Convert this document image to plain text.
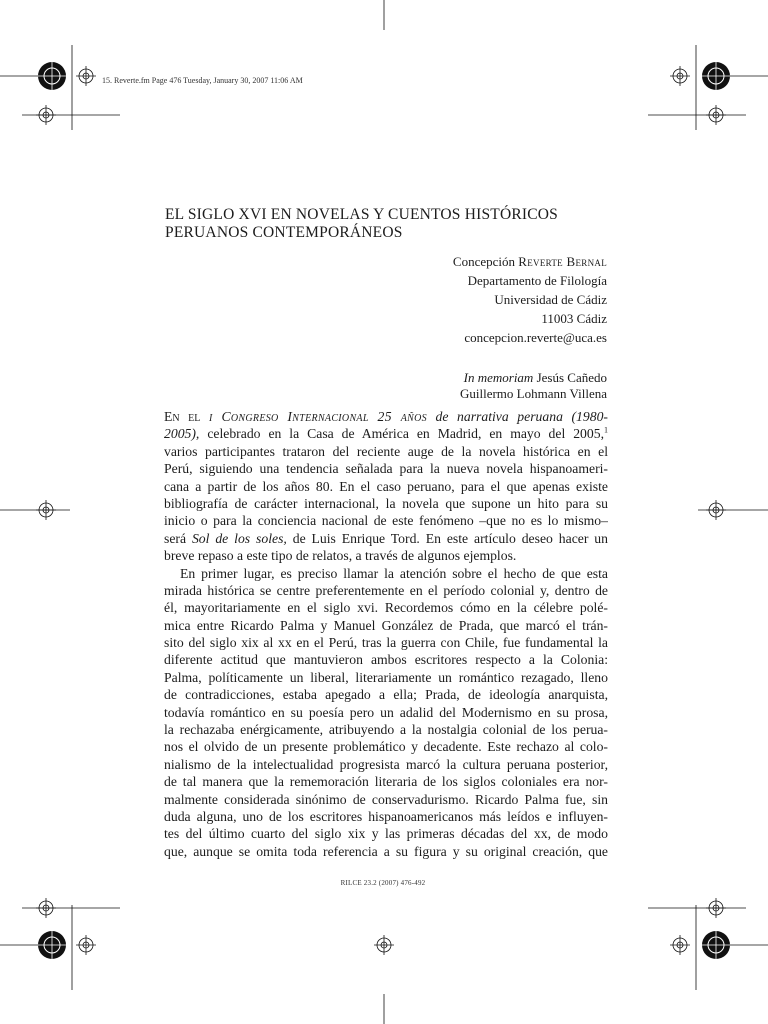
15. Reverte.fm Page 476 Tuesday, January 30, 2007 11:06 AM
EL SIGLO XVI EN NOVELAS Y CUENTOS HISTÓRICOS
PERUANOS CONTEMPORÁNEOS
Concepción Reverte Bernal
Departamento de Filología
Universidad de Cádiz
11003 Cádiz
concepcion.reverte@uca.es
In memoriam Jesús Cañedo
Guillermo Lohmann Villena
En el i Congreso Internacional 25 años de narrativa peruana (1980-
2005), celebrado en la Casa de América en Madrid, en mayo del 2005,$^1$
varios participantes trataron del reciente auge de la novela histórica en el
Perú, siguiendo una tendencia señalada para la nueva novela hispanoameri-
cana a partir de los años 80. En el caso peruano, para el que apenas existe
bibliografía de carácter internacional, la novela que supone un hito para su
inicio o para la conciencia nacional de este fenómeno –que no es lo mismo–
será Sol de los soles, de Luis Enrique Tord. En este artículo deseo hacer un
breve repaso a este tipo de relatos, a través de algunos ejemplos.
En primer lugar, es preciso llamar la atención sobre el hecho de que esta
mirada histórica se centre preferentemente en el período colonial y, dentro de
él, mayoritariamente en el siglo xvi. Recordemos cómo en la célebre polé-
mica entre Ricardo Palma y Manuel González de Prada, que marcó el trán-
sito del siglo xix al xx en el Perú, tras la guerra con Chile, fue fundamental la
diferente actitud que mantuvieron ambos escritores respecto a la Colonia:
Palma, políticamente un liberal, literariamente un romántico rezagado, lleno
de contradicciones, estaba apegado a ella; Prada, de ideología anarquista,
todavía romántico en su poesía pero un adalid del Modernismo en su prosa,
la rechazaba enérgicamente, atribuyendo a la nostalgia colonial de los perua-
nos el olvido de un presente problemático y decadente. Este rechazo al colo-
nialismo de la intelectualidad progresista marcó la cultura peruana posterior,
de tal manera que la rememoración literaria de los siglos coloniales era nor-
malmente considerada sinónimo de conservadurismo. Ricardo Palma fue, sin
duda alguna, uno de los escritores hispanoamericanos más leídos e influyen-
tes del último cuarto del siglo xix y las primeras décadas del xx, de modo
que, aunque se omita toda referencia a su figura y su original creación, que
RILCE 23.2 (2007) 476-492
